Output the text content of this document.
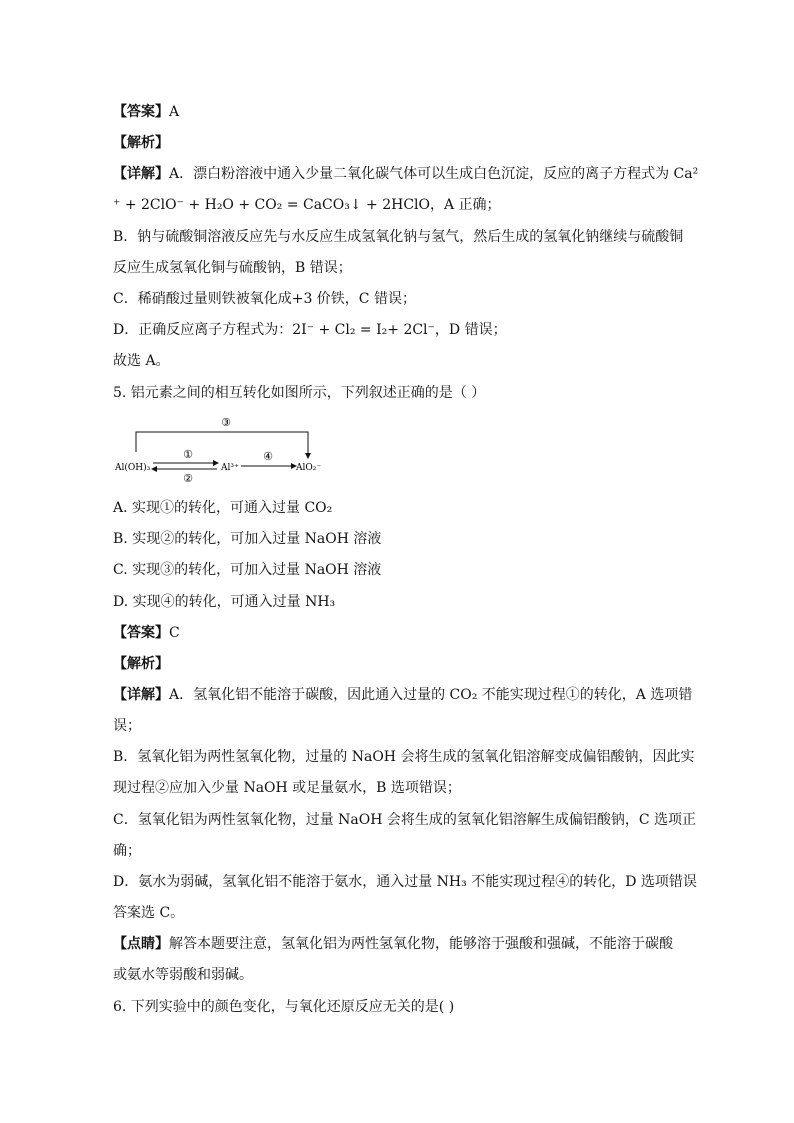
【答案】A
【解析】
【详解】A．漂白粉溶液中通入少量二氧化碳气体可以生成白色沉淀，反应的离子方程式为 Ca²
⁺ + 2ClO⁻ + H₂O + CO₂ = CaCO₃↓ + 2HClO，A 正确；
B．钠与硫酸铜溶液反应先与水反应生成氢氧化钠与氢气，然后生成的氢氧化钠继续与硫酸铜
反应生成氢氧化铜与硫酸钠，B 错误；
C．稀硝酸过量则铁被氧化成+3 价铁，C 错误；
D．正确反应离子方程式为：2I⁻ + Cl₂ = I₂+ 2Cl⁻，D 错误；
故选 A。
5. 铝元素之间的相互转化如图所示，下列叙述正确的是（ ）
③
①
②
④
Al(OH)₃	Al³⁺	AlO₂⁻
A. 实现①的转化，可通入过量 CO₂
B. 实现②的转化，可加入过量 NaOH 溶液
C. 实现③的转化，可加入过量 NaOH 溶液
D. 实现④的转化，可通入过量 NH₃
【答案】C
【解析】
【详解】A．氢氧化铝不能溶于碳酸，因此通入过量的 CO₂ 不能实现过程①的转化，A 选项错
误；
B．氢氧化铝为两性氢氧化物，过量的 NaOH 会将生成的氢氧化铝溶解变成偏铝酸钠，因此实
现过程②应加入少量 NaOH 或足量氨水，B 选项错误；
C．氢氧化铝为两性氢氧化物，过量 NaOH 会将生成的氢氧化铝溶解生成偏铝酸钠，C 选项正
确；
D．氨水为弱碱，氢氧化铝不能溶于氨水，通入过量 NH₃ 不能实现过程④的转化，D 选项错误
答案选 C。
【点睛】解答本题要注意，氢氧化铝为两性氢氧化物，能够溶于强酸和强碱，不能溶于碳酸
或氨水等弱酸和弱碱。
6. 下列实验中的颜色变化，与氧化还原反应无关的是( )
